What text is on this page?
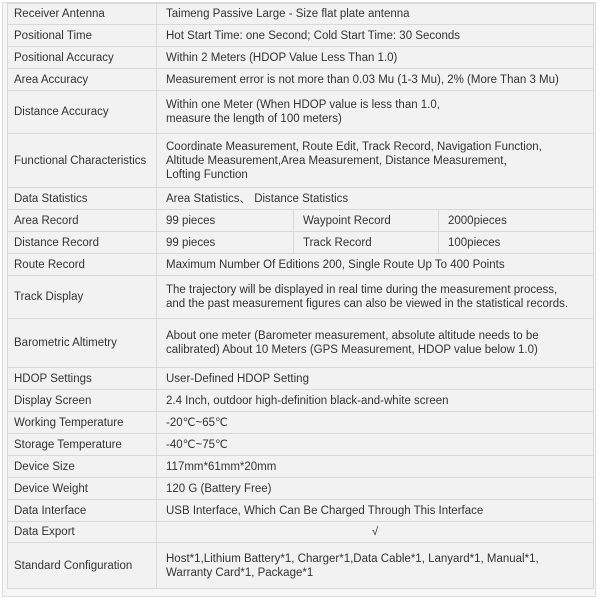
Receiver Antenna	Taimeng Passive Large - Size flat plate antenna		
Positional Time	Hot Start Time: one Second; Cold Start Time: 30 Seconds		
Positional Accuracy	Within 2 Meters (HDOP Value Less Than 1.0)		
Area Accuracy	Measurement error is not more than 0.03 Mu (1-3 Mu), 2% (More Than 3 Mu)		
Distance Accuracy	Within one Meter (When HDOP value is less than 1.0,
measure the length of 100 meters)		

Functional Characteristics	Coordinate Measurement, Route Edit, Track Record, Navigation Function,
Altitude Measurement,Area Measurement, Distance Measurement，
Lofting Function		

Data Statistics	Area Statistics、 Distance Statistics		
Area Record	99 pieces	Waypoint Record	2000pieces
Distance Record	99 pieces	Track Record	100pieces
Route Record	Maximum Number Of Editions 200, Single Route Up To 400 Points		
Track Display	The trajectory will be displayed in real time during the measurement process,
and the past measurement figures can also be viewed in the statistical records.		

Barometric Altimetry	About one meter (Barometer measurement, absolute altitude needs to be
calibrated) About 10 Meters (GPS Measurement, HDOP value below 1.0)		

HDOP Settings	User-Defined HDOP Setting		
Display Screen	2.4 Inch, outdoor high-definition black-and-white screen		
Working Temperature	-20℃~65℃		
Storage Temperature	-40℃~75℃		
Device Size	117mm*61mm*20mm		
Device Weight	120 G (Battery Free)		
Data Interface	USB Interface, Which Can Be Charged Through This Interface		
Data Export	√		
Standard Configuration	Host*1,Lithium Battery*1, Charger*1,Data Cable*1, Lanyard*1, Manual*1,
Warranty Card*1, Package*1		
